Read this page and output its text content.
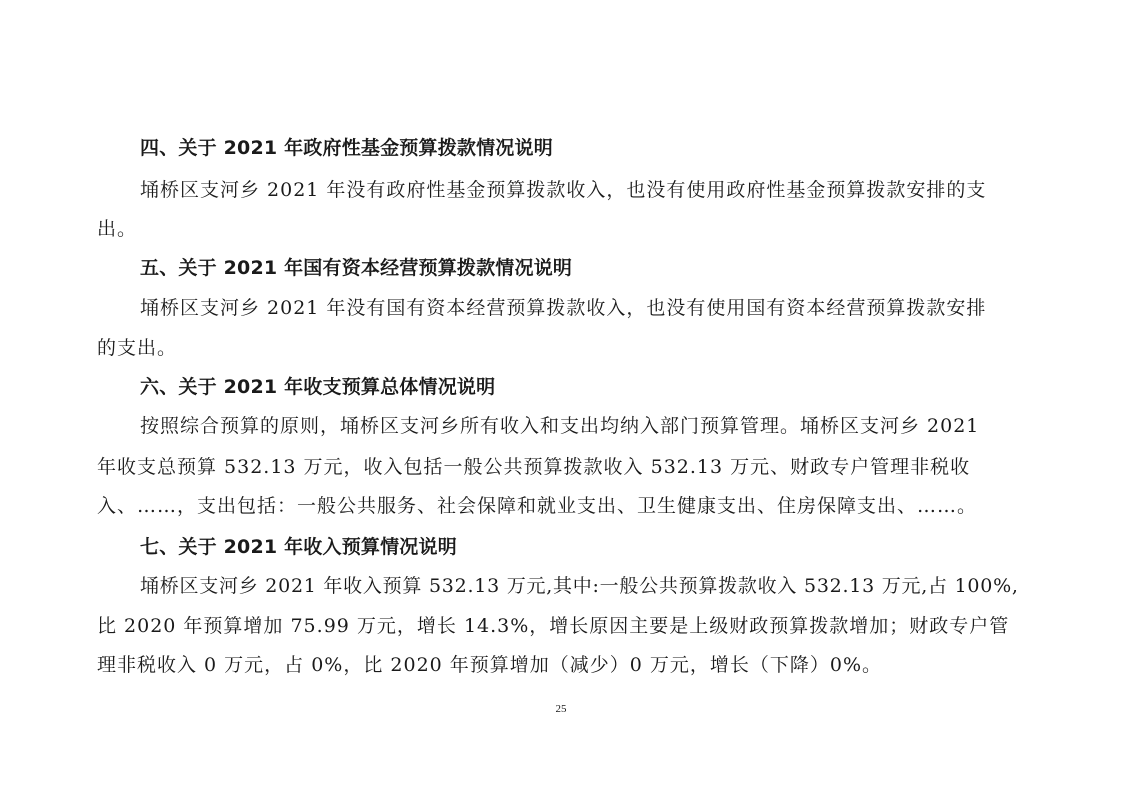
四、关于 2021 年政府性基金预算拨款情况说明
埇桥区支河乡 2021 年没有政府性基金预算拨款收入，也没有使用政府性基金预算拨款安排的支
出。
五、关于 2021 年国有资本经营预算拨款情况说明
埇桥区支河乡 2021 年没有国有资本经营预算拨款收入，也没有使用国有资本经营预算拨款安排
的支出。
六、关于 2021 年收支预算总体情况说明
按照综合预算的原则，埇桥区支河乡所有收入和支出均纳入部门预算管理。埇桥区支河乡 2021
年收支总预算 532.13 万元，收入包括一般公共预算拨款收入 532.13 万元、财政专户管理非税收
入、……，支出包括：一般公共服务、社会保障和就业支出、卫生健康支出、住房保障支出、……。
七、关于 2021 年收入预算情况说明
埇桥区支河乡 2021 年收入预算 532.13 万元,其中:一般公共预算拨款收入 532.13 万元,占 100%,
比 2020 年预算增加 75.99 万元，增长 14.3%，增长原因主要是上级财政预算拨款增加；财政专户管
理非税收入 0 万元，占 0%，比 2020 年预算增加（减少）0 万元，增长（下降）0%。
25
